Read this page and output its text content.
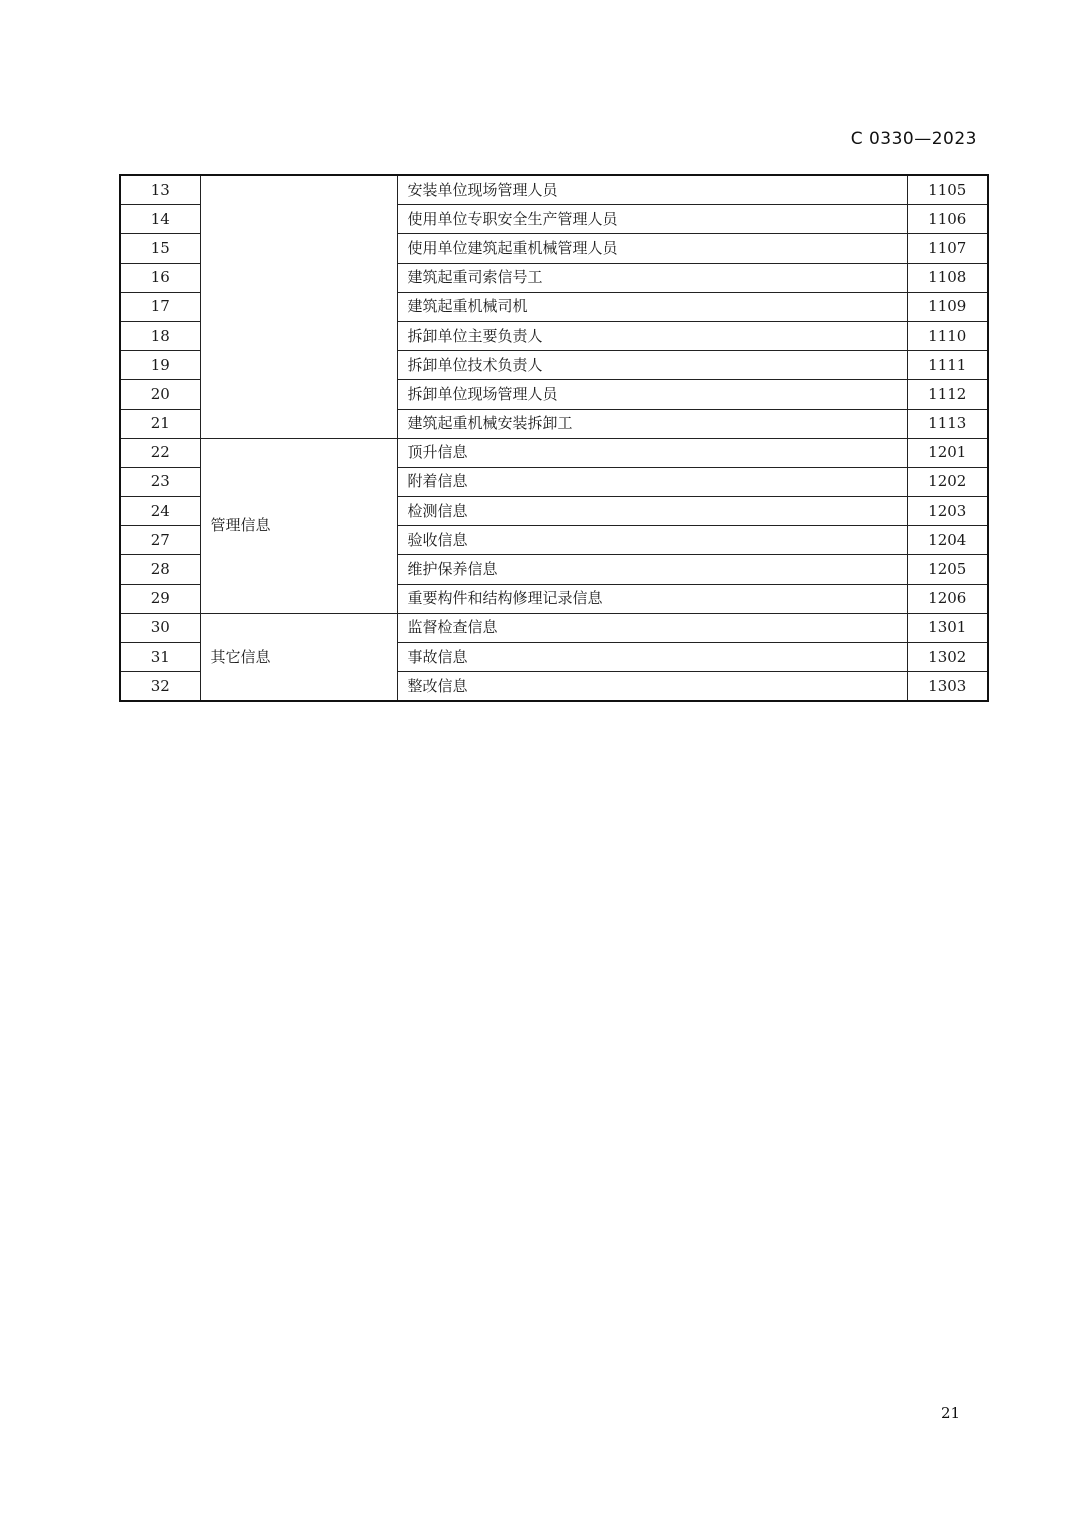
C 0330—2023
13		安装单位现场管理人员	1105
14		使用单位专职安全生产管理人员	1106
15		使用单位建筑起重机械管理人员	1107
16		建筑起重司索信号工	1108
17		建筑起重机械司机	1109
18		拆卸单位主要负责人	1110
19		拆卸单位技术负责人	1111
20		拆卸单位现场管理人员	1112
21		建筑起重机械安装拆卸工	1113
22	管理信息	顶升信息	1201
23		附着信息	1202
24		检测信息	1203
27		验收信息	1204
28		维护保养信息	1205
29		重要构件和结构修理记录信息	1206
30	其它信息	监督检查信息	1301
31		事故信息	1302
32		整改信息	1303
21
